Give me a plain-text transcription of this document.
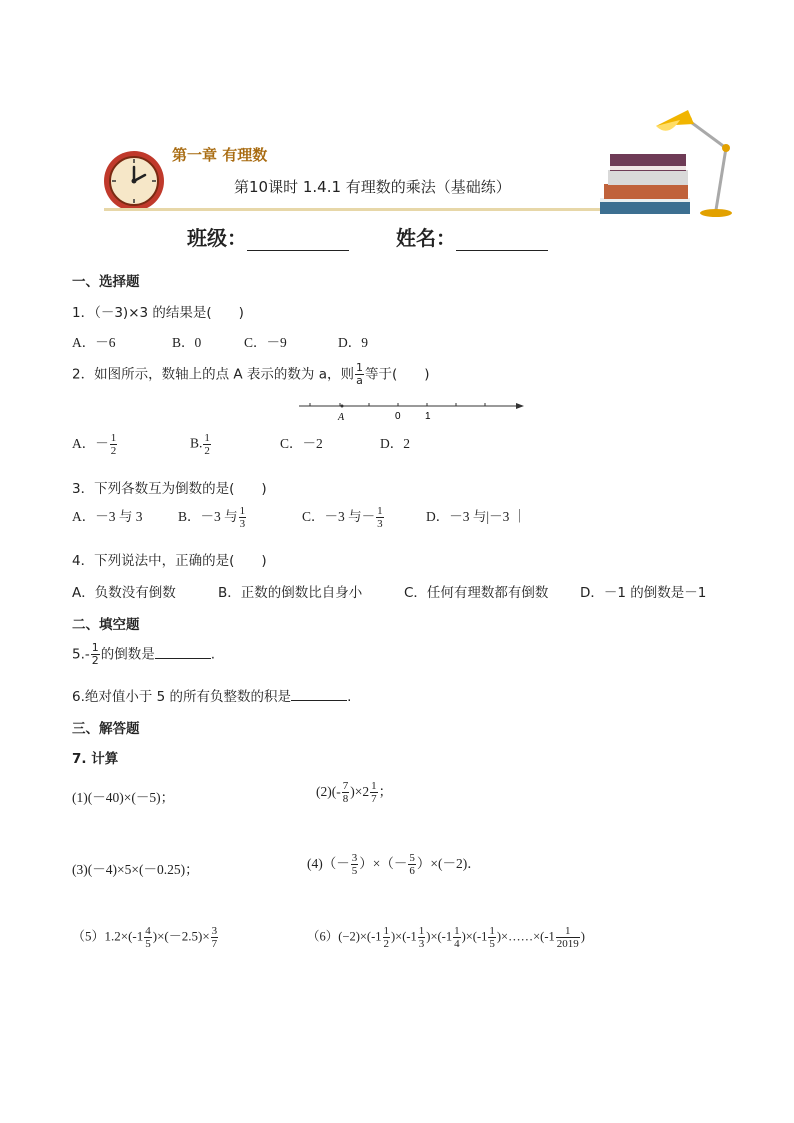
第一章 有理数
第10课时 1.4.1 有理数的乘法（基础练）
班级：	姓名：
一、选择题
1．（－3)×3 的结果是(　　)
A．－6	B．0	C．－9	D．9
2．如图所示，数轴上的点 A 表示的数为 a，则 $\frac{1}{a}$ 等于(　　)
A	0 1
A．－ $\frac{1}{2}$	B. $\frac{1}{2}$	C．－2	D．2
3．下列各数互为倒数的是(　　)
A．－3 与 3	B．－3 与 $\frac{1}{3}$	C．－3 与－ $\frac{1}{3}$	D．－3 与|－3 ｜
4．下列说法中，正确的是(　　)
A．负数没有倒数	B．正数的倒数比自身小	C．任何有理数都有倒数 D．－1 的倒数是－1
二、填空题
$5.- \frac{1}{2}$ 的倒数是	.
6.绝对值小于 5 的所有负整数的积是	.
三、解答题
7. 计算
(1)(－40)×(－5)；	$(2)(- \frac{7}{8} )\times 2 \frac{1}{7}$ ；
(3)(－4)×5×(－0.25)；	$(4)(- \frac{3}{5}$ ）×（－ $\frac{5}{6} )\times(-2)$．
$(5)1.2\times(-1 \frac{4}{5} )\times(-2.5)\times \frac{3}{7}$	$(6)(-2)\times(-1 \frac{1}{2} )\times(-1 \frac{1}{3} )\times(-1 \frac{1}{4} )\times(-1 \frac{1}{5}$ )×……×(-1 $\frac{1}{2019}$ )
